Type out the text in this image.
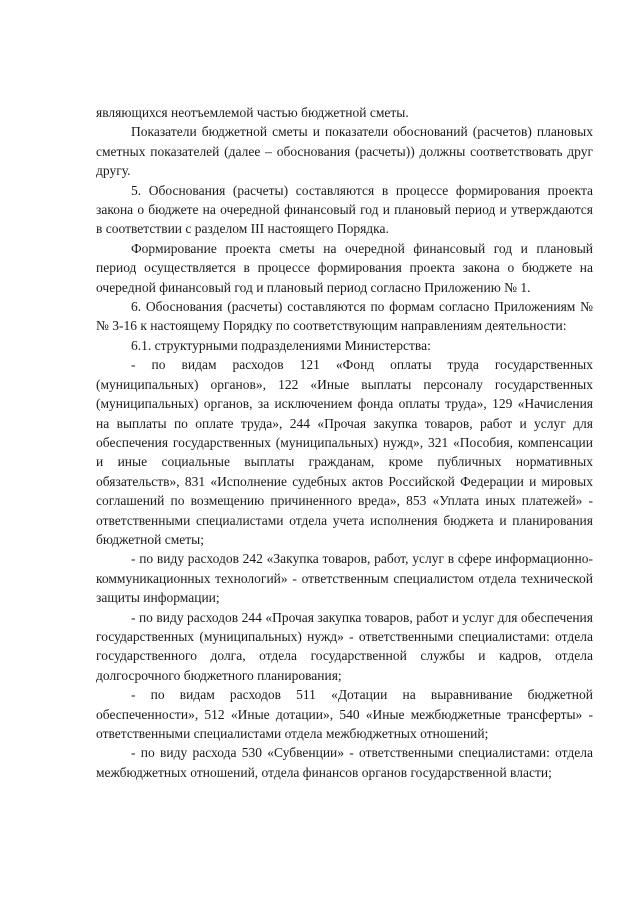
являющихся неотъемлемой частью бюджетной сметы.

Показатели бюджетной сметы и показатели обоснований (расчетов) плановых сметных показателей (далее – обоснования (расчеты)) должны соответствовать друг другу.

5. Обоснования (расчеты) составляются в процессе формирования проекта закона о бюджете на очередной финансовый год и плановый период и утверждаются в соответствии с разделом III настоящего Порядка.

Формирование проекта сметы на очередной финансовый год и плановый период осуществляется в процессе формирования проекта закона о бюджете на очередной финансовый год и плановый период согласно Приложению № 1.

6. Обоснования (расчеты) составляются по формам согласно Приложениям №№ 3-16 к настоящему Порядку по соответствующим направлениям деятельности:

6.1. структурными подразделениями Министерства:

- по видам расходов 121 «Фонд оплаты труда государственных (муниципальных) органов», 122 «Иные выплаты персоналу государственных (муниципальных) органов, за исключением фонда оплаты труда», 129 «Начисления на выплаты по оплате труда», 244 «Прочая закупка товаров, работ и услуг для обеспечения государственных (муниципальных) нужд», 321 «Пособия, компенсации и иные социальные выплаты гражданам, кроме публичных нормативных обязательств», 831 «Исполнение судебных актов Российской Федерации и мировых соглашений по возмещению причиненного вреда», 853 «Уплата иных платежей» - ответственными специалистами отдела учета исполнения бюджета и планирования бюджетной сметы;

- по виду расходов 242 «Закупка товаров, работ, услуг в сфере информационно-коммуникационных технологий» - ответственным специалистом отдела технической защиты информации;

- по виду расходов 244 «Прочая закупка товаров, работ и услуг для обеспечения государственных (муниципальных) нужд» - ответственными специалистами: отдела государственного долга, отдела государственной службы и кадров, отдела долгосрочного бюджетного планирования;

- по видам расходов 511 «Дотации на выравнивание бюджетной обеспеченности», 512 «Иные дотации», 540 «Иные межбюджетные трансферты» - ответственными специалистами отдела межбюджетных отношений;

- по виду расхода 530 «Субвенции» - ответственными специалистами: отдела межбюджетных отношений, отдела финансов органов государственной власти;
